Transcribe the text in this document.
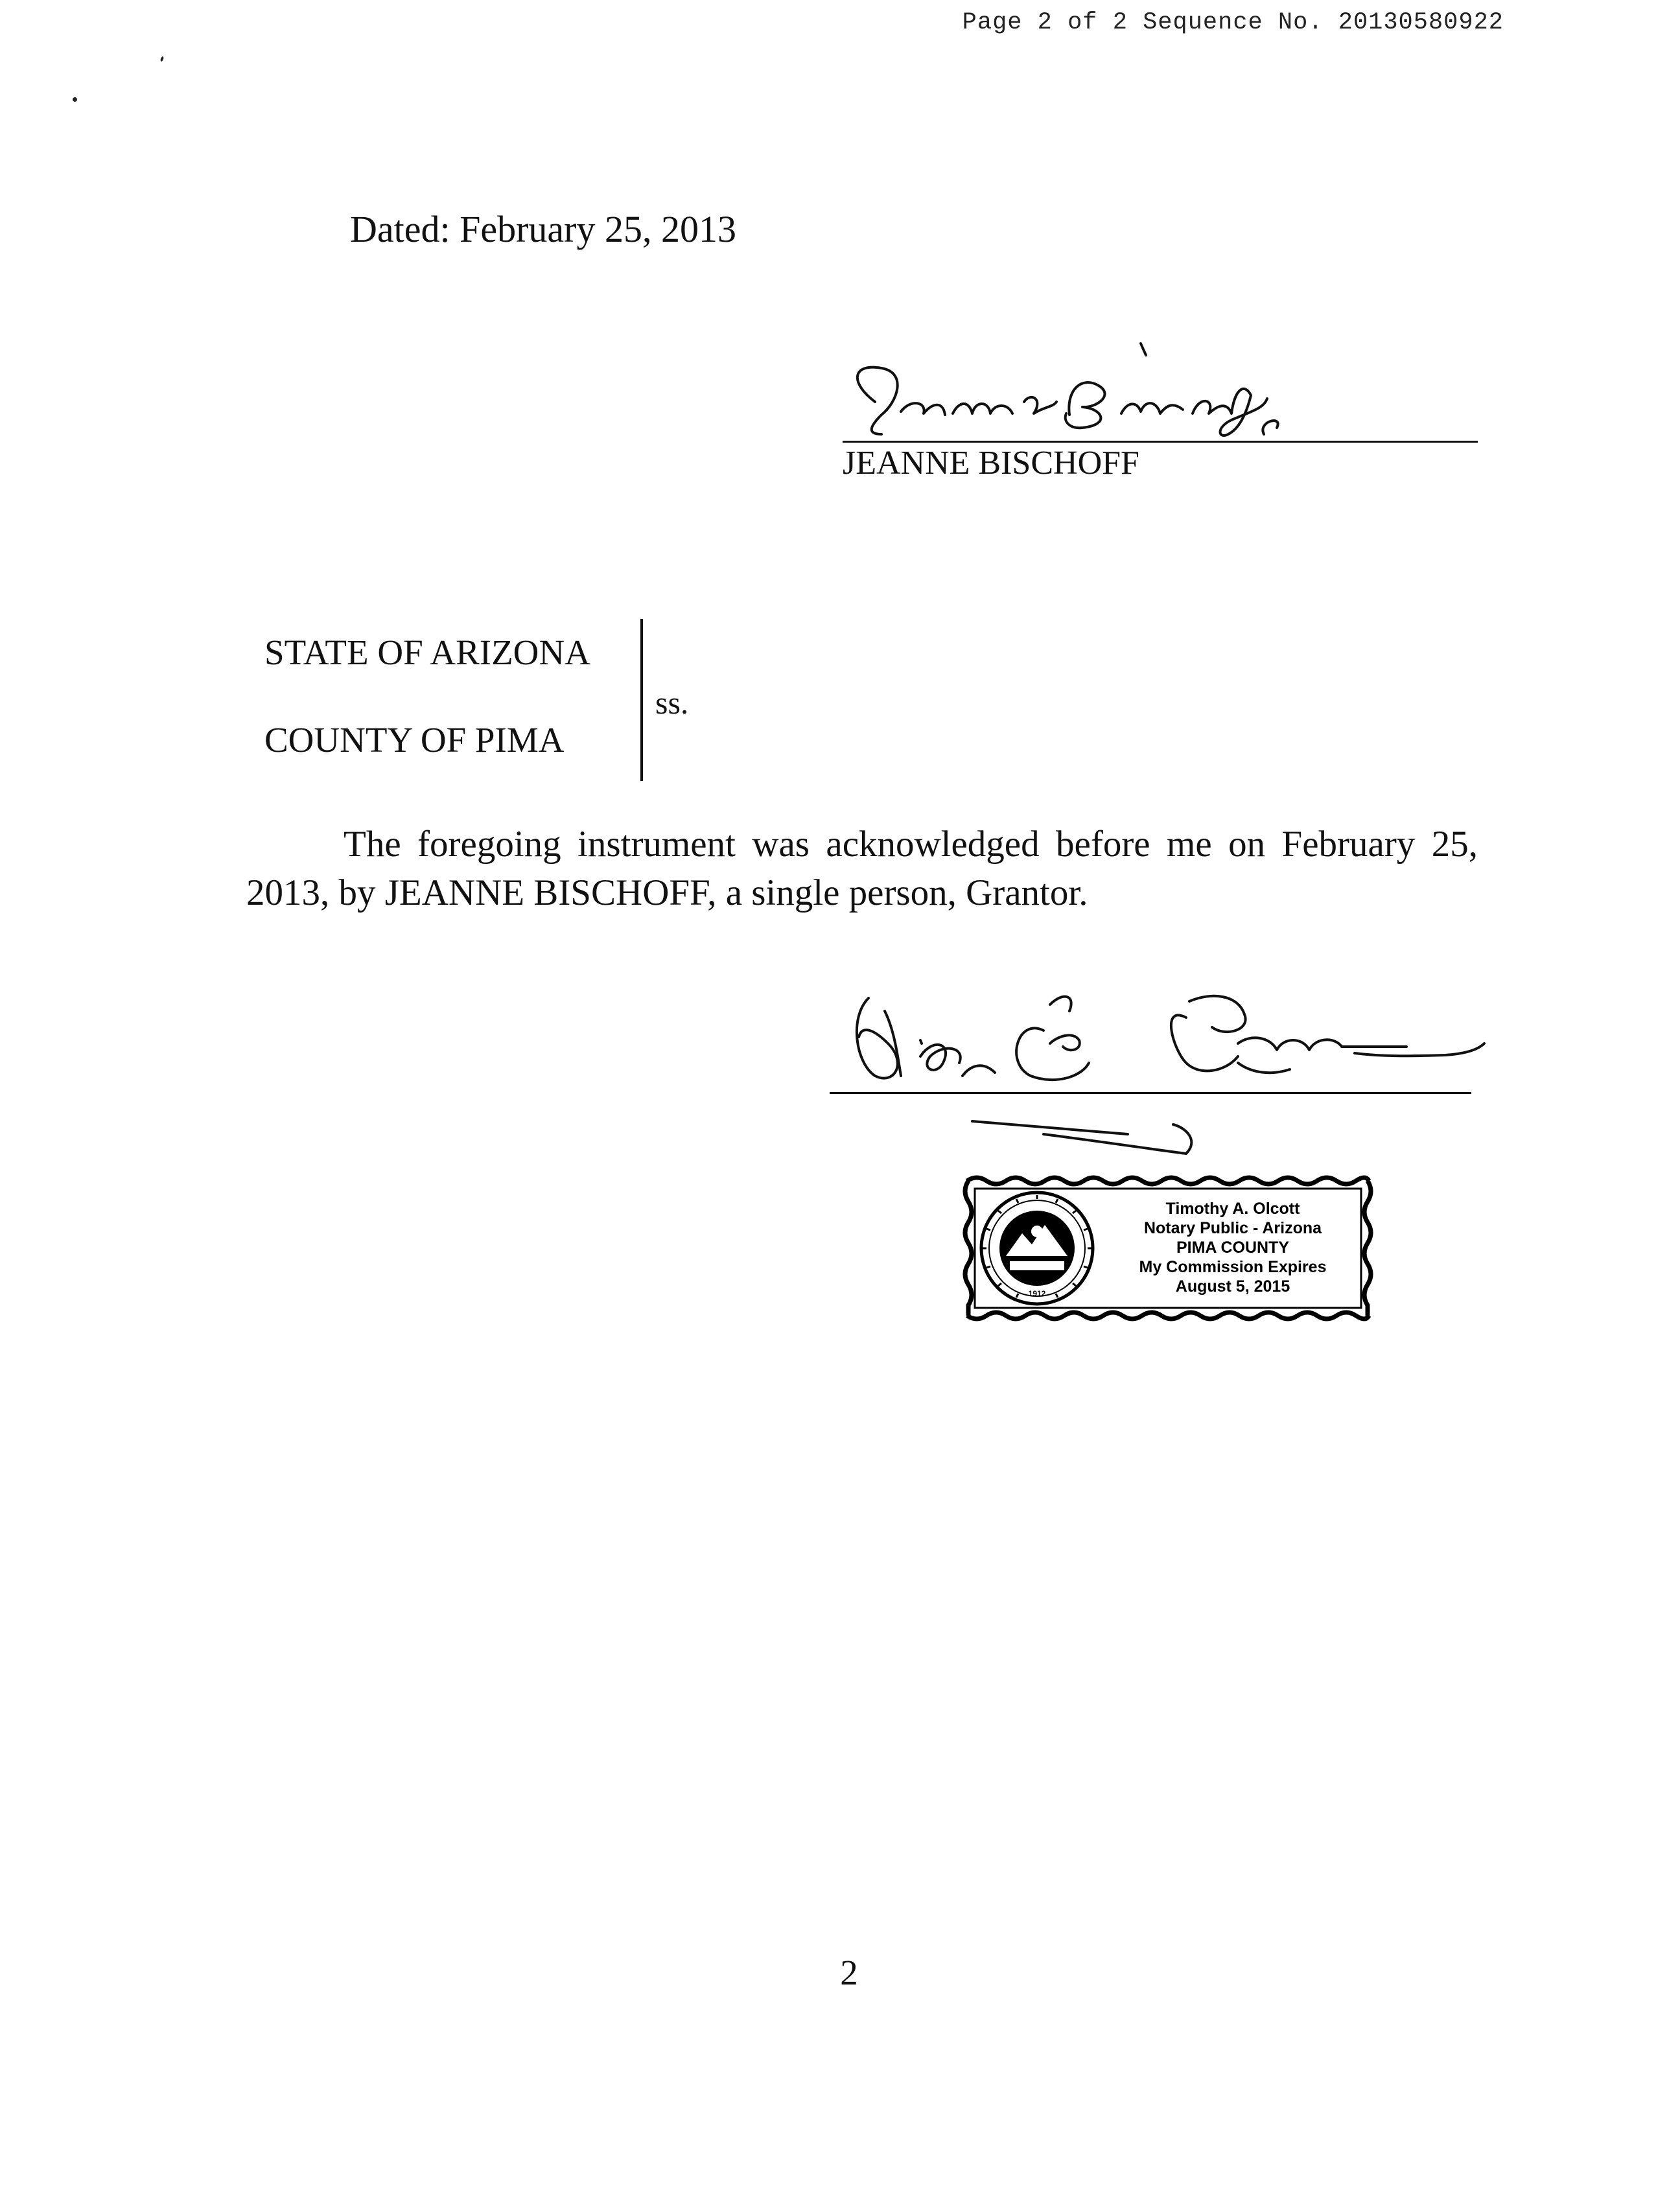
Page 2 of 2 Sequence No. 20130580922
Dated: February 25, 2013
JEANNE BISCHOFF
STATE OF ARIZONA
COUNTY OF PIMA
ss.
The foregoing instrument was acknowledged before me on February 25, 2013, by JEANNE BISCHOFF, a single person, Grantor.
1912
Timothy A. Olcott
Notary Public - Arizona
PIMA COUNTY
My Commission Expires
August 5, 2015
2
